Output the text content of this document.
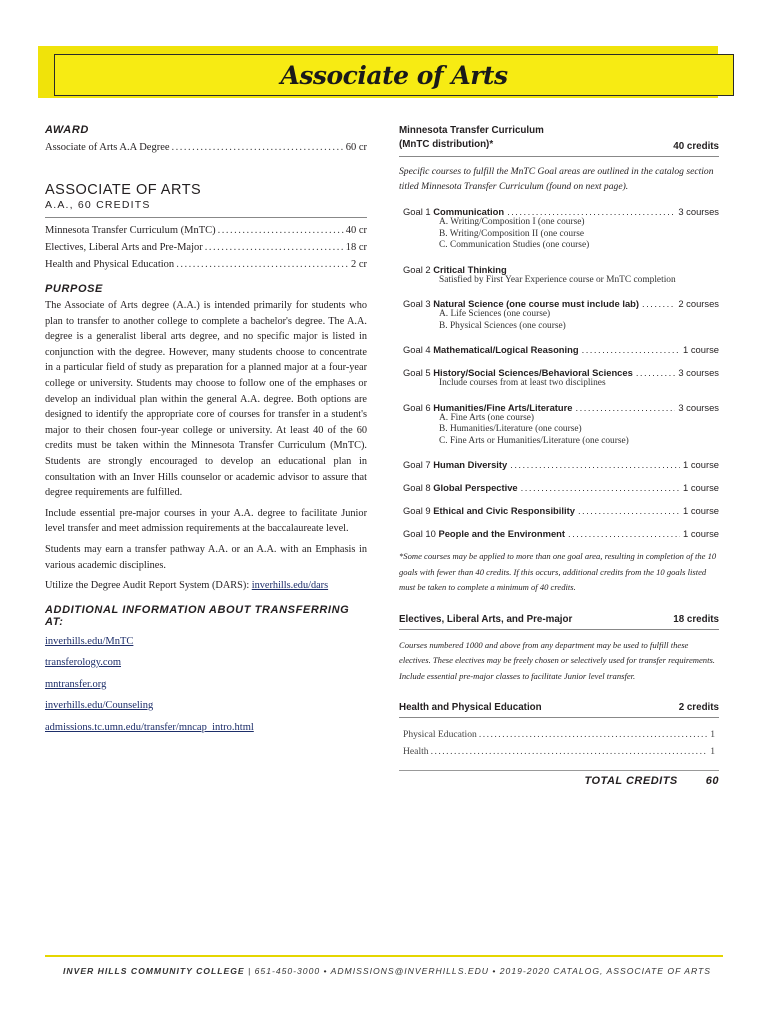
Associate of Arts
AWARD
Associate of Arts A.A Degree .....	60 cr
ASSOCIATE OF ARTS
A.A., 60 CREDITS
Minnesota Transfer Curriculum (MnTC) .....	40 cr
Electives, Liberal Arts and Pre-Major .....	18 cr
Health and Physical Education .....	2 cr
PURPOSE

The Associate of Arts degree (A.A.) is intended primarily for students who plan to transfer to another college to complete a bachelor's degree. The A.A. degree is a generalist liberal arts degree, and no specific major is listed in conjunction with the degree. However, many students choose to concentrate in a particular field of study as preparation for a planned major at a four-year college or university. Students may choose to follow one of the emphases or develop an individual plan within the general A.A. degree. Both options are designed to identify the appropriate core of courses for transfer in a student's major to their chosen four-year college or university. At least 40 of the 60 credits must be taken within the Minnesota Transfer Curriculum (MnTC). Students are strongly encouraged to develop an educational plan in consultation with an Inver Hills counselor or academic advisor to assure that degree requirements are fulfilled.

Include essential pre-major courses in your A.A. degree to facilitate Junior level transfer and meet admission requirements at the baccalaureate level.

Students may earn a transfer pathway A.A. or an A.A. with an Emphasis in various academic disciplines.

Utilize the Degree Audit Report System (DARS): inverhills.edu/dars

ADDITIONAL INFORMATION ABOUT TRANSFERRING AT:
inverhills.edu/MnTC
transferology.com
mntransfer.org
inverhills.edu/Counseling
admissions.tc.umn.edu/transfer/mncap_intro.html
Minnesota Transfer Curriculum
(MnTC distribution)*	40 credits

Specific courses to fulfill the MnTC Goal areas are outlined in the catalog section titled Minnesota Transfer Curriculum (found on next page).

Goal 1 Communication .....	3 courses
A. Writing/Composition I (one course)
B. Writing/Composition II (one course
C. Communication Studies (one course)
Goal 2 Critical Thinking
Satisfied by First Year Experience course or MnTC completion
Goal 3 Natural Science (one course must include lab) .....	2 courses
A. Life Sciences (one course)
B. Physical Sciences (one course)
Goal 4 Mathematical/Logical Reasoning .....	1 course
Goal 5 History/Social Sciences/Behavioral Sciences .....	3 courses
Include courses from at least two disciplines
Goal 6 Humanities/Fine Arts/Literature .....	3 courses
A. Fine Arts (one course)
B. Humanities/Literature (one course)
C. Fine Arts or Humanities/Literature (one course)
Goal 7 Human Diversity .....	1 course
Goal 8 Global Perspective .....	1 course
Goal 9 Ethical and Civic Responsibility .....	1 course
Goal 10 People and the Environment .....	1 course

*Some courses may be applied to more than one goal area, resulting in completion of the 10 goals with fewer than 40 credits. If this occurs, additional credits from the 10 goals listed must be taken to complete a minimum of 40 credits.

Electives, Liberal Arts, and Pre-major	18 credits

Courses numbered 1000 and above from any department may be used to fulfill these electives. These electives may be freely chosen or selectively used for transfer requirements. Include essential pre-major classes to facilitate Junior level transfer.

Health and Physical Education	2 credits
Physical Education .....	1
Health .....	1
TOTAL CREDITS	60
INVER HILLS COMMUNITY COLLEGE | 651-450-3000 • ADMISSIONS@INVERHILLS.EDU • 2019-2020 CATALOG, ASSOCIATE OF ARTS
